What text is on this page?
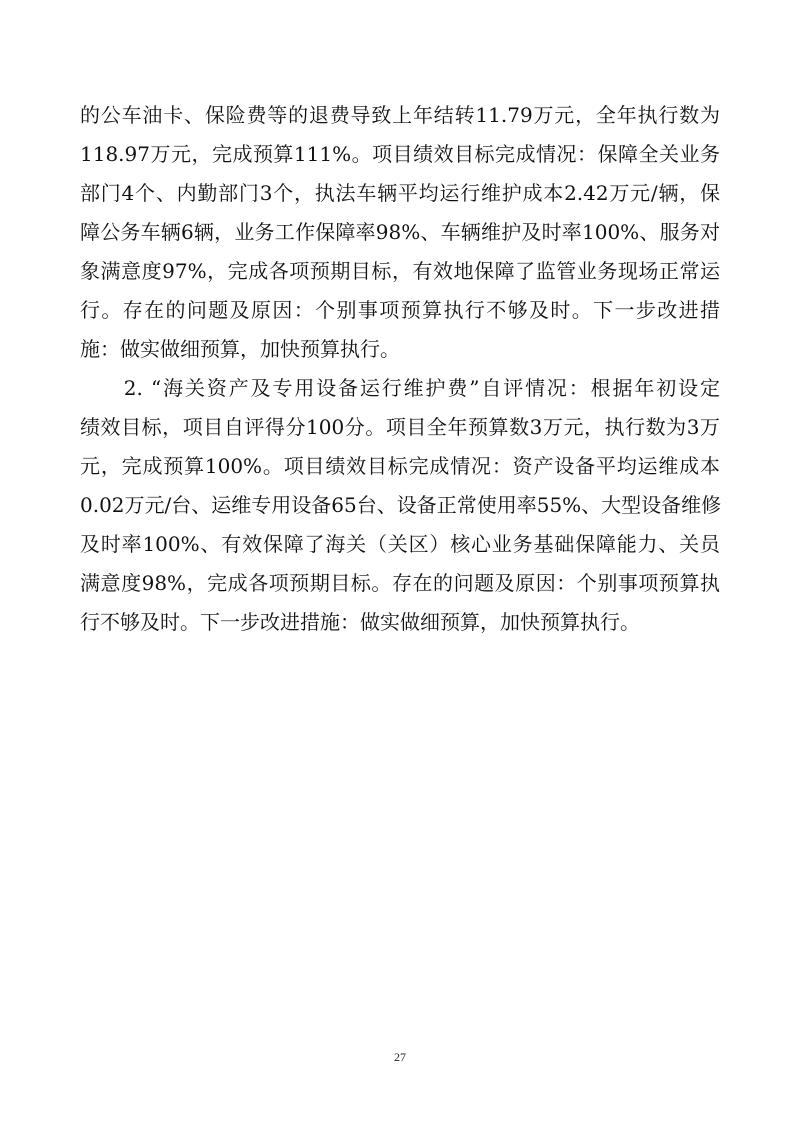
的公车油卡、保险费等的退费导致上年结转11.79万元，全年执行数为
118.97万元，完成预算111%。项目绩效目标完成情况：保障全关业务
部门4个、内勤部门3个，执法车辆平均运行维护成本2.42万元/辆，保
障公务车辆6辆，业务工作保障率98%、车辆维护及时率100%、服务对
象满意度97%，完成各项预期目标，有效地保障了监管业务现场正常运
行。存在的问题及原因：个别事项预算执行不够及时。下一步改进措
施：做实做细预算，加快预算执行。

　　2. “海关资产及专用设备运行维护费”自评情况：根据年初设定
绩效目标，项目自评得分100分。项目全年预算数3万元，执行数为3万
元，完成预算100%。项目绩效目标完成情况：资产设备平均运维成本
0.02万元/台、运维专用设备65台、设备正常使用率55%、大型设备维修
及时率100%、有效保障了海关（关区）核心业务基础保障能力、关员
满意度98%，完成各项预期目标。存在的问题及原因：个别事项预算执
行不够及时。下一步改进措施：做实做细预算，加快预算执行。

27
